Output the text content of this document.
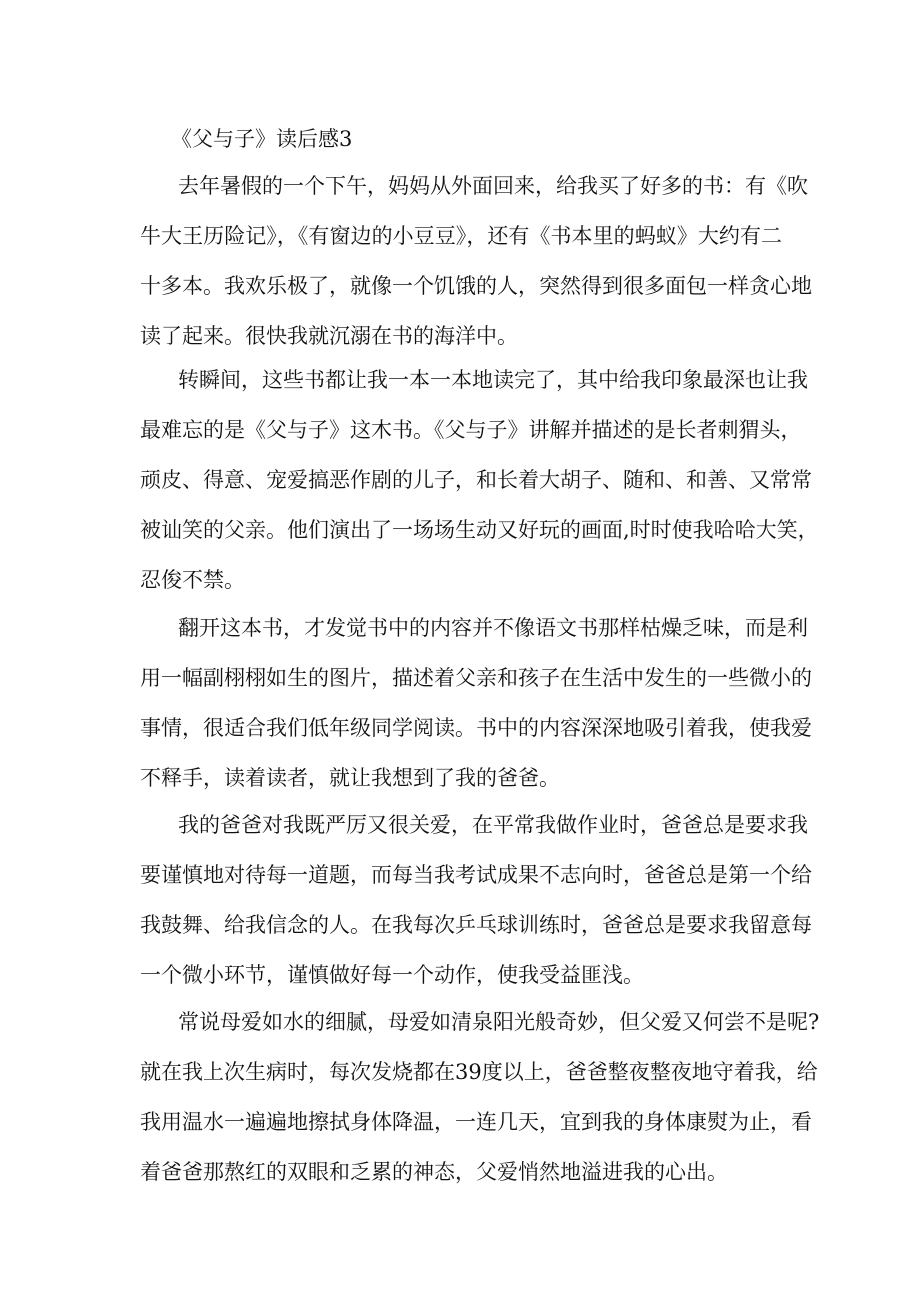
《父与子》读后感3

去年暑假的一个下午，妈妈从外面回来，给我买了好多的书：有《吹
牛大王历险记》，《有窗边的小豆豆》，还有《书本里的蚂蚁》大约有二
十多本。我欢乐极了，就像一个饥饿的人，突然得到很多面包一样贪心地
读了起来。很快我就沉溺在书的海洋中。

转瞬间，这些书都让我一本一本地读完了，其中给我印象最深也让我
最难忘的是《父与子》这木书。《父与子》讲解并描述的是长者刺猬头，
顽皮、得意、宠爱搞恶作剧的儿子，和长着大胡子、随和、和善、又常常
被讪笑的父亲。他们演出了一场场生动又好玩的画面,时时使我哈哈大笑，
忍俊不禁。

翻开这本书，才发觉书中的内容并不像语文书那样枯燥乏味，而是利
用一幅副栩栩如生的图片，描述着父亲和孩子在生活中发生的一些微小的
事情，很适合我们低年级同学阅读。书中的内容深深地吸引着我，使我爱
不释手，读着读者，就让我想到了我的爸爸。

我的爸爸对我既严厉又很关爱，在平常我做作业时，爸爸总是要求我
要谨慎地对待每一道题，而每当我考试成果不志向时，爸爸总是第一个给
我鼓舞、给我信念的人。在我每次乒乓球训练时，爸爸总是要求我留意每
一个微小环节，谨慎做好每一个动作，使我受益匪浅。

常说母爱如水的细腻，母爱如清泉阳光般奇妙，但父爱又何尝不是呢?
就在我上次生病时，每次发烧都在39度以上，爸爸整夜整夜地守着我，给
我用温水一遍遍地擦拭身体降温，一连几天，宜到我的身体康熨为止，看
着爸爸那熬红的双眼和乏累的神态，父爱悄然地溢进我的心出。
